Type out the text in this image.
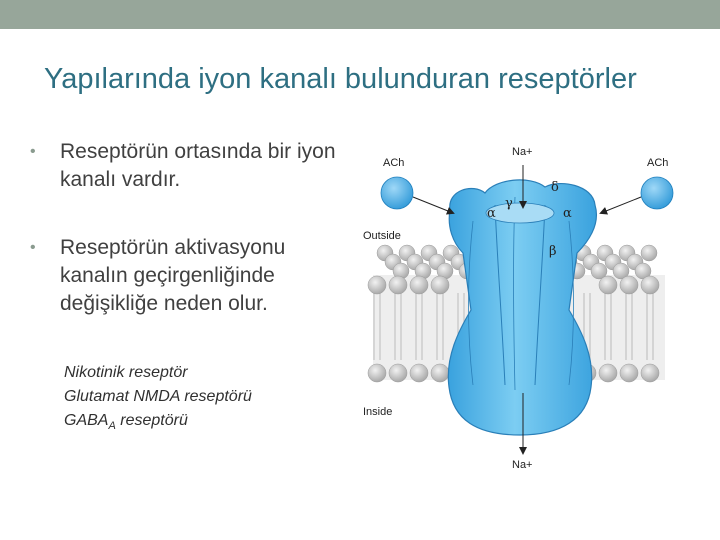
Yapılarında iyon kanalı bulunduran reseptörler
•	Reseptörün ortasında bir iyon kanalı vardır.
•	Reseptörün aktivasyonu kanalın geçirgenliğinde değişikliğe neden olur.
Nikotinik reseptör
Glutamat NMDA reseptörü
$GABA_A$ reseptörü
ACh	ACh
Na+
Na+
Outside
Inside
α	α
γ
δ
β
